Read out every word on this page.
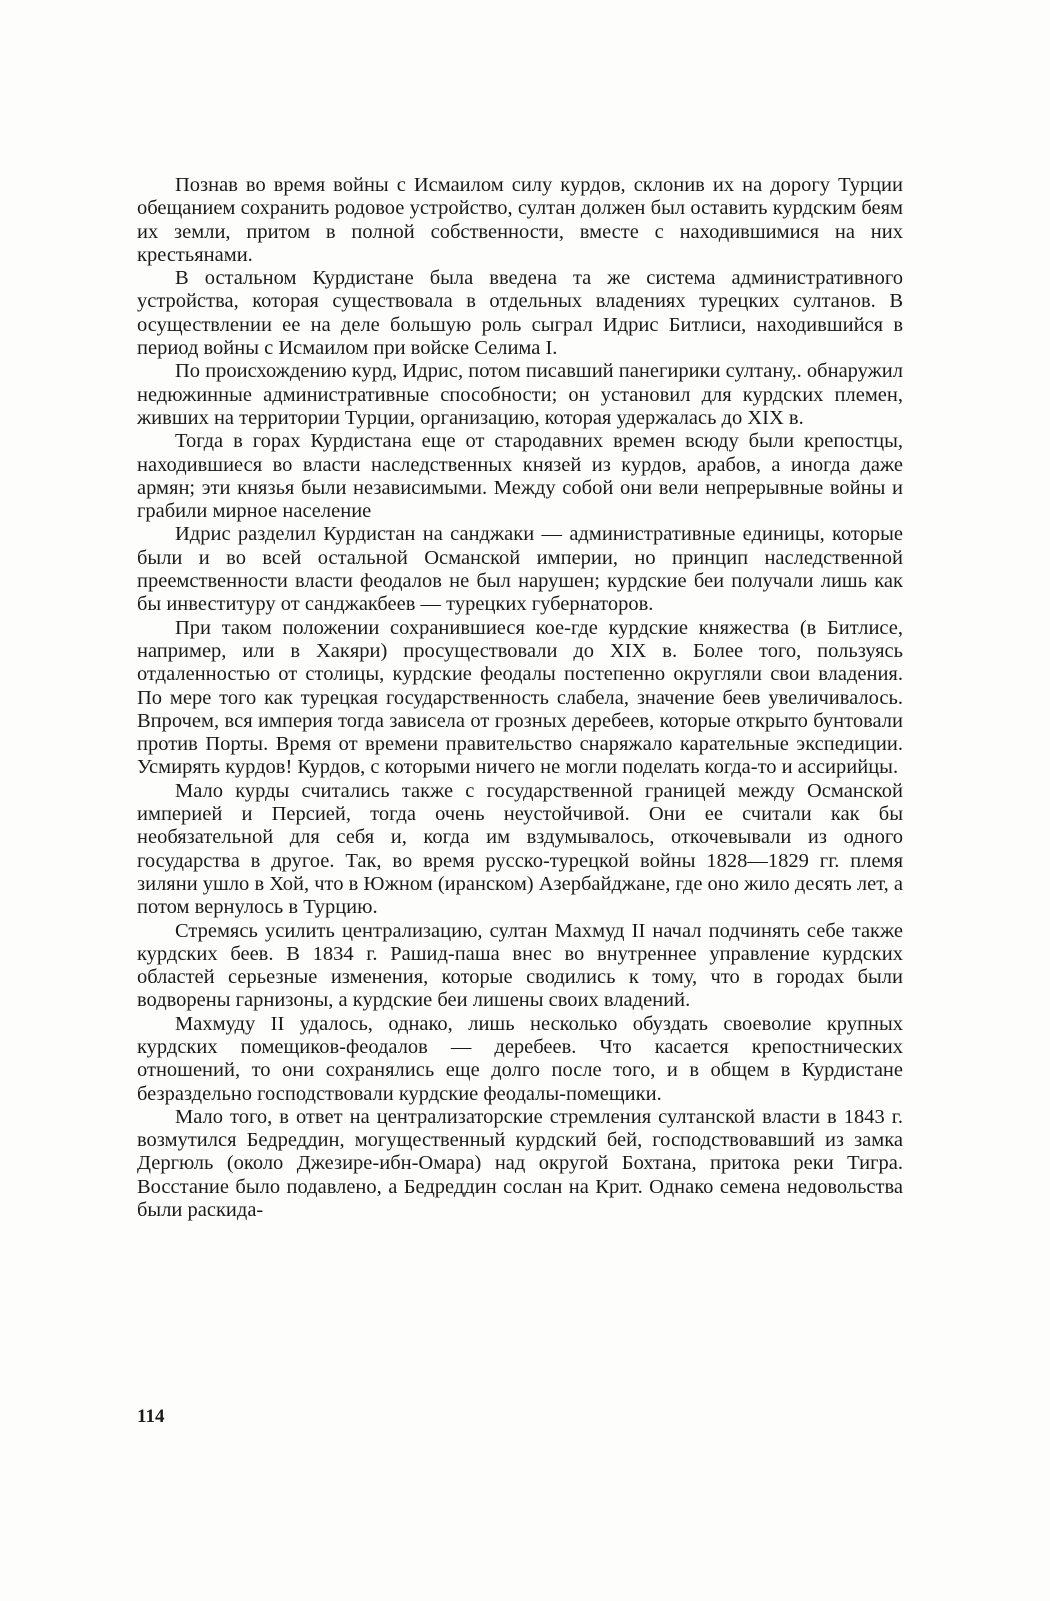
Познав во время войны с Исмаилом силу курдов, склонив их на дорогу Турции обещанием сохранить родовое устройство, султан должен был оставить курдским беям их земли, притом в полной собственности, вместе с находившимися на них крестьянами.

В остальном Курдистане была введена та же система административного устройства, которая существовала в отдельных владениях турецких султанов. В осуществлении ее на деле большую роль сыграл Идрис Битлиси, находившийся в период войны с Исмаилом при войске Селима I.

По происхождению курд, Идрис, потом писавший панегирики султану,. обнаружил недюжинные административные способности; он установил для курдских племен, живших на территории Турции, организацию, которая удержалась до XIX в.

Тогда в горах Курдистана еще от стародавних времен всюду были крепостцы, находившиеся во власти наследственных князей из курдов, арабов, а иногда даже армян; эти князья были независимыми. Между собой они вели непрерывные войны и грабили мирное население

Идрис разделил Курдистан на санджаки — административные единицы, которые были и во всей остальной Османской империи, но принцип наследственной преемственности власти феодалов не был нарушен; курдские беи получали лишь как бы инвеституру от санджакбеев — турецких губернаторов.

При таком положении сохранившиеся кое-где курдские княжества (в Битлисе, например, или в Хакяри) просуществовали до XIX в. Более того, пользуясь отдаленностью от столицы, курдские феодалы постепенно округляли свои владения. По мере того как турецкая государственность слабела, значение беев увеличивалось. Впрочем, вся империя тогда зависела от грозных деребеев, которые открыто бунтовали против Порты. Время от времени правительство снаряжало карательные экспедиции. Усмирять курдов! Курдов, с которыми ничего не могли поделать когда-то и ассирийцы.

Мало курды считались также с государственной границей между Османской империей и Персией, тогда очень неустойчивой. Они ее считали как бы необязательной для себя и, когда им вздумывалось, откочевывали из одного государства в другое. Так, во время русско-турецкой войны 1828—1829 гг. племя зиляни ушло в Хой, что в Южном (иранском) Азербайджане, где оно жило десять лет, а потом вернулось в Турцию.

Стремясь усилить централизацию, султан Махмуд II начал подчинять себе также курдских беев. В 1834 г. Рашид-паша внес во внутреннее управление курдских областей серьезные изменения, которые сводились к тому, что в городах были водворены гарнизоны, а курдские беи лишены своих владений.

Махмуду II удалось, однако, лишь несколько обуздать своеволие крупных курдских помещиков-феодалов — деребеев. Что касается крепостнических отношений, то они сохранялись еще долго после того, и в общем в Курдистане безраздельно господствовали курдские феодалы-помещики.

Мало того, в ответ на централизаторские стремления султанской власти в 1843 г. возмутился Бедреддин, могущественный курдский бей, господствовавший из замка Дергюль (около Джезире-ибн-Омара) над округой Бохтана, притока реки Тигра. Восстание было подавлено, а Бедреддин сослан на Крит. Однако семена недовольства были раскида-

114
